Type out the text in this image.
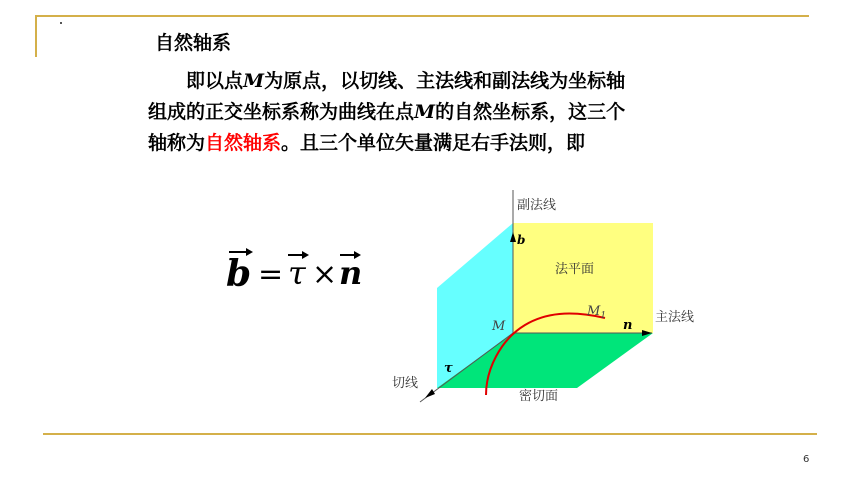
自然轴系
即以点M为原点，以切线、主法线和副法线为坐标轴
组成的正交坐标系称为曲线在点M的自然坐标系，这三个
轴称为自然轴系。且三个单位矢量满足右手法则，即
b = τ × n
副法线
主法线
切线
法平面
密切面
b
n
τ
M
$M_1$
6
